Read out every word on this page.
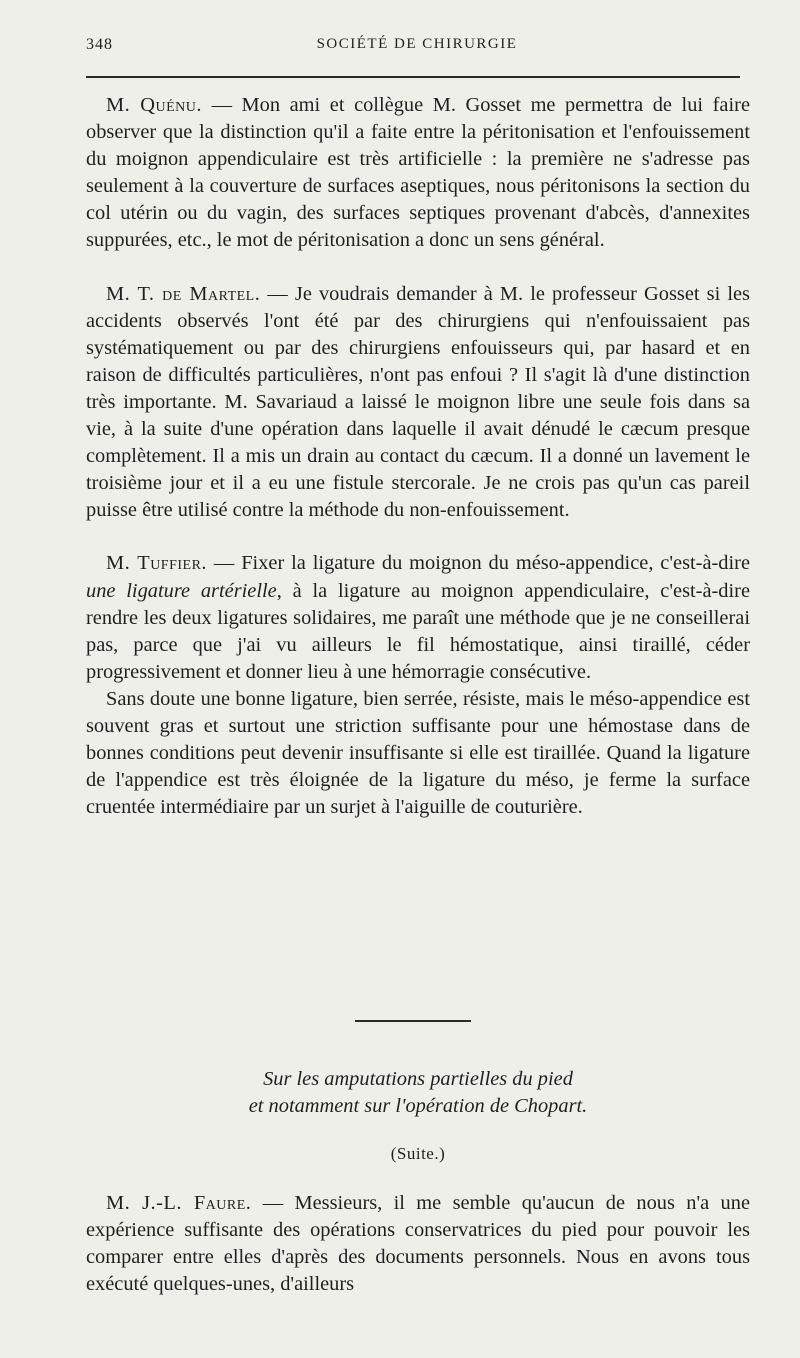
348	SOCIÉTÉ DE CHIRURGIE

M. Quénu. — Mon ami et collègue M. Gosset me permettra de lui faire observer que la distinction qu'il a faite entre la péritonisation et l'enfouissement du moignon appendiculaire est très artificielle : la première ne s'adresse pas seulement à la couverture de surfaces aseptiques, nous péritonisons la section du col utérin ou du vagin, des surfaces septiques provenant d'abcès, d'annexites suppurées, etc., le mot de péritonisation a donc un sens général.

M. T. de Martel. — Je voudrais demander à M. le professeur Gosset si les accidents observés l'ont été par des chirurgiens qui n'enfouissaient pas systématiquement ou par des chirurgiens enfouisseurs qui, par hasard et en raison de difficultés particulières, n'ont pas enfoui ? Il s'agit là d'une distinction très importante. M. Savariaud a laissé le moignon libre une seule fois dans sa vie, à la suite d'une opération dans laquelle il avait dénudé le cæcum presque complètement. Il a mis un drain au contact du cæcum. Il a donné un lavement le troisième jour et il a eu une fistule stercorale. Je ne crois pas qu'un cas pareil puisse être utilisé contre la méthode du non-enfouissement.

M. Tuffier. — Fixer la ligature du moignon du méso-appendice, c'est-à-dire une ligature artérielle, à la ligature au moignon appendiculaire, c'est-à-dire rendre les deux ligatures solidaires, me paraît une méthode que je ne conseillerai pas, parce que j'ai vu ailleurs le fil hémostatique, ainsi tiraillé, céder progressivement et donner lieu à une hémorragie consécutive.

Sans doute une bonne ligature, bien serrée, résiste, mais le méso-appendice est souvent gras et surtout une striction suffisante pour une hémostase dans de bonnes conditions peut devenir insuffisante si elle est tiraillée. Quand la ligature de l'appendice est très éloignée de la ligature du méso, je ferme la surface cruentée intermédiaire par un surjet à l'aiguille de couturière.

Sur les amputations partielles du pied
et notamment sur l'opération de Chopart.
(Suite.)

M. J.-L. Faure. — Messieurs, il me semble qu'aucun de nous n'a une expérience suffisante des opérations conservatrices du pied pour pouvoir les comparer entre elles d'après des documents personnels. Nous en avons tous exécuté quelques-unes, d'ailleurs
